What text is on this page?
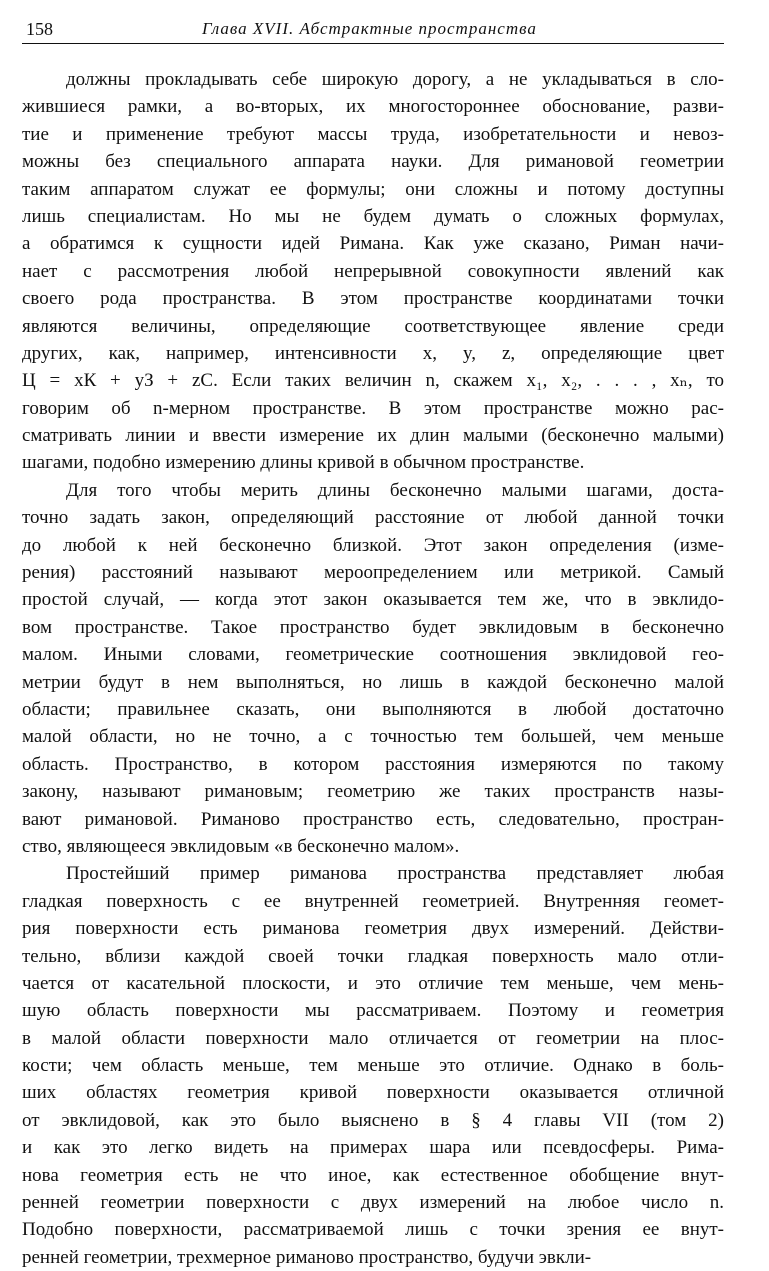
158	Глава XVII. Абстрактные пространства
должны прокладывать себе широкую дорогу, а не укладываться в сло-
жившиеся рамки, а во-вторых, их многостороннее обоснование, разви-
тие и применение требуют массы труда, изобретательности и невоз-
можны без специального аппарата науки. Для римановой геометрии
таким аппаратом служат ее формулы; они сложны и потому доступны
лишь специалистам. Но мы не будем думать о сложных формулах,
а обратимся к сущности идей Римана. Как уже сказано, Риман начи-
нает с рассмотрения любой непрерывной совокупности явлений как
своего рода пространства. В этом пространстве координатами точки
являются величины, определяющие соответствующее явление среди
других, как, например, интенсивности x, y, z, определяющие цвет
Ц = xК + yЗ + zС. Если таких величин n, скажем x₁, x₂, . . . , xₙ, то
говорим об n-мерном пространстве. В этом пространстве можно рас-
сматривать линии и ввести измерение их длин малыми (бесконечно малыми)
шагами, подобно измерению длины кривой в обычном пространстве.
Для того чтобы мерить длины бесконечно малыми шагами, доста-
точно задать закон, определяющий расстояние от любой данной точки
до любой к ней бесконечно близкой. Этот закон определения (изме-
рения) расстояний называют мероопределением или метрикой. Самый
простой случай, — когда этот закон оказывается тем же, что в эвклидо-
вом пространстве. Такое пространство будет эвклидовым в бесконечно
малом. Иными словами, геометрические соотношения эвклидовой гео-
метрии будут в нем выполняться, но лишь в каждой бесконечно малой
области; правильнее сказать, они выполняются в любой достаточно
малой области, но не точно, а с точностью тем большей, чем меньше
область. Пространство, в котором расстояния измеряются по такому
закону, называют римановым; геометрию же таких пространств назы-
вают римановой. Риманово пространство есть, следовательно, простран-
ство, являющееся эвклидовым «в бесконечно малом».
Простейший пример риманова пространства представляет любая
гладкая поверхность с ее внутренней геометрией. Внутренняя геомет-
рия поверхности есть риманова геометрия двух измерений. Действи-
тельно, вблизи каждой своей точки гладкая поверхность мало отли-
чается от касательной плоскости, и это отличие тем меньше, чем мень-
шую область поверхности мы рассматриваем. Поэтому и геометрия
в малой области поверхности мало отличается от геометрии на плос-
кости; чем область меньше, тем меньше это отличие. Однако в боль-
ших областях геометрия кривой поверхности оказывается отличной
от эвклидовой, как это было выяснено в § 4 главы VII (том 2)
и как это легко видеть на примерах шара или псевдосферы. Рима-
нова геометрия есть не что иное, как естественное обобщение внут-
ренней геометрии поверхности с двух измерений на любое число n.
Подобно поверхности, рассматриваемой лишь с точки зрения ее внут-
ренней геометрии, трехмерное риманово пространство, будучи эвкли-
